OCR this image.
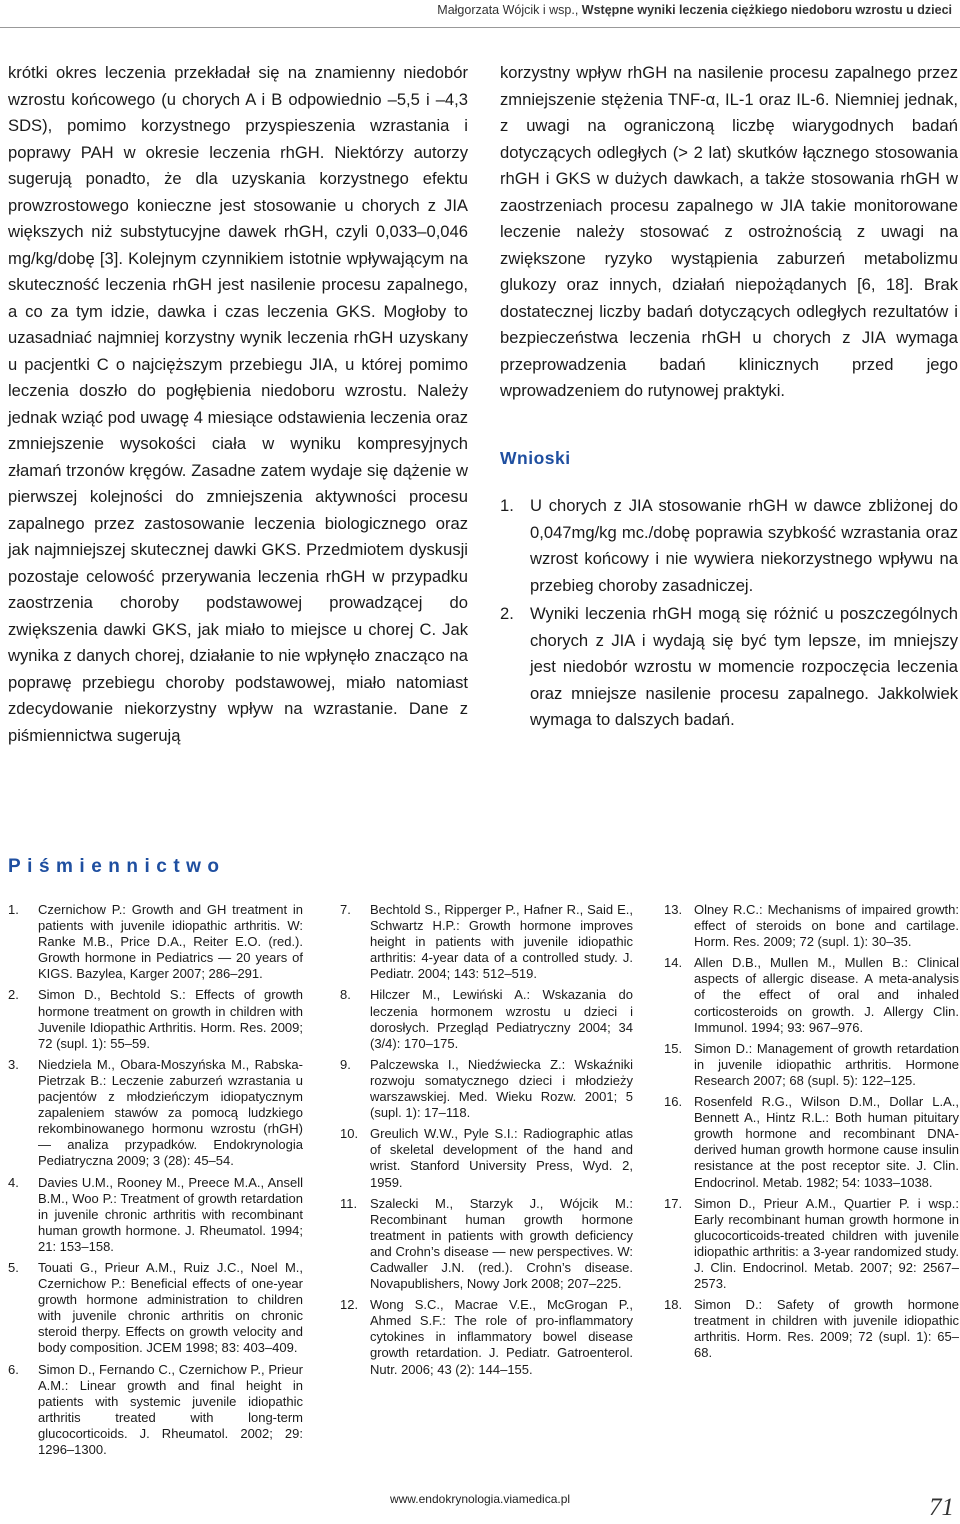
Małgorzata Wójcik i wsp., Wstępne wyniki leczenia ciężkiego niedoboru wzrostu u dzieci

krótki okres leczenia przekładał się na znamienny niedobór wzrostu końcowego (u chorych A i B odpowiednio –5,5 i –4,3 SDS), pomimo korzystnego przyspieszenia wzrastania i poprawy PAH w okresie leczenia rhGH. Niektórzy autorzy sugerują ponadto, że dla uzyskania korzystnego efektu prowzrostowego konieczne jest stosowanie u chorych z JIA większych niż substytucyjne dawek rhGH, czyli 0,033–0,046 mg/kg/dobę [3]. Kolejnym czynnikiem istotnie wpływającym na skuteczność leczenia rhGH jest nasilenie procesu zapalnego, a co za tym idzie, dawka i czas leczenia GKS. Mogłoby to uzasadniać najmniej korzystny wynik leczenia rhGH uzyskany u pacjentki C o najcięższym przebiegu JIA, u której pomimo leczenia doszło do pogłębienia niedoboru wzrostu. Należy jednak wziąć pod uwagę 4 miesiące odstawienia leczenia oraz zmniejszenie wysokości ciała w wyniku kompresyjnych złamań trzonów kręgów. Zasadne zatem wydaje się dążenie w pierwszej kolejności do zmniejszenia aktywności procesu zapalnego przez zastosowanie leczenia biologicznego oraz jak najmniejszej skutecznej dawki GKS. Przedmiotem dyskusji pozostaje celowość przerywania leczenia rhGH w przypadku zaostrzenia choroby podstawowej prowadzącej do zwiększenia dawki GKS, jak miało to miejsce u chorej C. Jak wynika z danych chorej, działanie to nie wpłynęło znacząco na poprawę przebiegu choroby podstawowej, miało natomiast zdecydowanie niekorzystny wpływ na wzrastanie. Dane z piśmiennictwa sugerują

korzystny wpływ rhGH na nasilenie procesu zapalnego przez zmniejszenie stężenia TNF-α, IL-1 oraz IL-6. Niemniej jednak, z uwagi na ograniczoną liczbę wiarygodnych badań dotyczących odległych (> 2 lat) skutków łącznego stosowania rhGH i GKS w dużych dawkach, a także stosowania rhGH w zaostrzeniach procesu zapalnego w JIA takie monitorowane leczenie należy stosować z ostrożnością z uwagi na zwiększone ryzyko wystąpienia zaburzeń metabolizmu glukozy oraz innych, działań niepożądanych [6, 18]. Brak dostatecznej liczby badań dotyczących odległych rezultatów i bezpieczeństwa leczenia rhGH u chorych z JIA wymaga przeprowadzenia badań klinicznych przed jego wprowadzeniem do rutynowej praktyki.

Wnioski
1. U chorych z JIA stosowanie rhGH w dawce zbliżonej do 0,047mg/kg mc./dobę poprawia szybkość wzrastania oraz wzrost końcowy i nie wywiera niekorzystnego wpływu na przebieg choroby zasadniczej.
2. Wyniki leczenia rhGH mogą się różnić u poszczególnych chorych z JIA i wydają się być tym lepsze, im mniejszy jest niedobór wzrostu w momencie rozpoczęcia leczenia oraz mniejsze nasilenie procesu zapalnego. Jakkolwiek wymaga to dalszych badań.
Piśmiennictwo
1. Czernichow P.: Growth and GH treatment in patients with juvenile idiopathic arthritis. W: Ranke M.B., Price D.A., Reiter E.O. (red.). Growth hormone in Pediatrics — 20 years of KIGS. Bazylea, Karger 2007; 286–291.
2. Simon D., Bechtold S.: Effects of growth hormone treatment on growth in children with Juvenile Idiopathic Arthritis. Horm. Res. 2009; 72 (supl. 1): 55–59.
3. Niedziela M., Obara-Moszyńska M., Rabska-Pietrzak B.: Leczenie zaburzeń wzrastania u pacjentów z młodzieńczym idiopatycznym zapaleniem stawów za pomocą ludzkiego rekombinowanego hormonu wzrostu (rhGH) — analiza przypadków. Endokrynologia Pediatryczna 2009; 3 (28): 45–54.
4. Davies U.M., Rooney M., Preece M.A., Ansell B.M., Woo P.: Treatment of growth retardation in juvenile chronic arthritis with recombinant human growth hormone. J. Rheumatol. 1994; 21: 153–158.
5. Touati G., Prieur A.M., Ruiz J.C., Noel M., Czernichow P.: Beneficial effects of one-year growth hormone administration to children with juvenile chronic arthritis on chronic steroid therpy. Effects on growth velocity and body composition. JCEM 1998; 83: 403–409.
6. Simon D., Fernando C., Czernichow P., Prieur A.M.: Linear growth and final height in patients with systemic juvenile idiopathic arthritis treated with long-term glucocorticoids. J. Rheumatol. 2002; 29: 1296–1300.
7. Bechtold S., Ripperger P., Hafner R., Said E., Schwartz H.P.: Growth hormone improves height in patients with juvenile idiopathic arthritis: 4-year data of a controlled study. J. Pediatr. 2004; 143: 512–519.
8. Hilczer M., Lewiński A.: Wskazania do leczenia hormonem wzrostu u dzieci i dorosłych. Przegląd Pediatryczny 2004; 34 (3/4): 170–175.
9. Palczewska I., Niedźwiecka Z.: Wskaźniki rozwoju somatycznego dzieci i młodzieży warszawskiej. Med. Wieku Rozw. 2001; 5 (supl. 1): 17–118.
10. Greulich W.W., Pyle S.I.: Radiographic atlas of skeletal development of the hand and wrist. Stanford University Press, Wyd. 2, 1959.
11. Szalecki M., Starzyk J., Wójcik M.: Recombinant human growth hormone treatment in patients with growth deficiency and Crohn’s disease — new perspectives. W: Cadwaller J.N. (red.). Crohn’s disease. Novapublishers, Nowy Jork 2008; 207–225.
12. Wong S.C., Macrae V.E., McGrogan P., Ahmed S.F.: The role of pro-inflammatory cytokines in inflammatory bowel disease growth retardation. J. Pediatr. Gatroenterol. Nutr. 2006; 43 (2): 144–155.
13. Olney R.C.: Mechanisms of impaired growth: effect of steroids on bone and cartilage. Horm. Res. 2009; 72 (supl. 1): 30–35.
14. Allen D.B., Mullen M., Mullen B.: Clinical aspects of allergic disease. A meta-analysis of the effect of oral and inhaled corticosteroids on growth. J. Allergy Clin. Immunol. 1994; 93: 967–976.
15. Simon D.: Management of growth retardation in juvenile idiopathic arthritis. Hormone Research 2007; 68 (supl. 5): 122–125.
16. Rosenfeld R.G., Wilson D.M., Dollar L.A., Bennett A., Hintz R.L.: Both human pituitary growth hormone and recombinant DNA-derived human growth hormone cause insulin resistance at the post receptor site. J. Clin. Endocrinol. Metab. 1982; 54: 1033–1038.
17. Simon D., Prieur A.M., Quartier P. i wsp.: Early recombinant human growth hormone in glucocorticoids-treated children with juvenile idiopathic arthritis: a 3-year randomized study. J. Clin. Endocrinol. Metab. 2007; 92: 2567–2573.
18. Simon D.: Safety of growth hormone treatment in children with juvenile idiopathic arthritis. Horm. Res. 2009; 72 (supl. 1): 65–68.
www.endokrynologia.viamedica.pl	71
